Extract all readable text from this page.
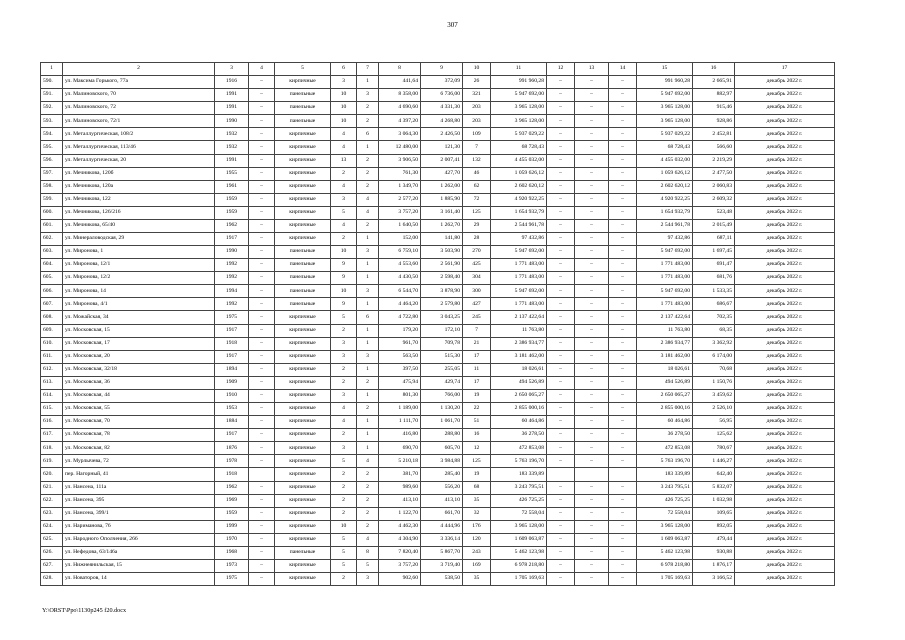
307
1	2	3	4	5	6	7	8	9	10	11	12	13	14	15	16	17
590.	ул. Максима Горького, 77а	1916	–	кирпичные	3	1	441,64	372,09	26	991 960,28	–	–	–	991 960,28	2 665,91	декабрь 2022 г.
591.	ул. Малиновского, 70	1991	–	панельные	10	3	8 358,00	6 736,00	321	5 947 692,00	–	–	–	5 947 692,00	882,97	декабрь 2022 г.
592.	ул. Малиновского, 72	1991	–	панельные	10	2	4 690,60	4 331,30	203	3 965 128,00	–	–	–	3 965 128,00	915,46	декабрь 2022 г.
593.	ул. Малиновского, 72/1	1990	–	панельные	10	2	4 397,20	4 268,80	203	3 965 128,00	–	–	–	3 965 128,00	928,86	декабрь 2022 г.
594.	ул. Металлургическая, 108/2	1932	–	кирпичные	4	6	3 064,30	2 426,50	109	5 937 029,22	–	–	–	5 937 029,22	2 452,81	декабрь 2022 г.
595.	ул. Металлургическая, 113/46	1932	–	кирпичные	4	1	12 480,00	121,30	7	68 728,43	–	–	–	68 728,43	566,60	декабрь 2022 г.
596.	ул. Металлургическая, 20	1991	–	кирпичные	13	2	3 906,50	2 007,41	132	4 455 032,00	–	–	–	4 455 032,00	2 219,29	декабрь 2022 г.
597.	ул. Мечникова, 120б	1955	–	кирпичные	2	2	761,30	427,70	46	1 059 626,12	–	–	–	1 059 626,12	2 477,50	декабрь 2022 г.
598.	ул. Мечникова, 120а	1961	–	кирпичные	4	2	1 349,70	1 262,00	62	2 602 620,12	–	–	–	2 602 620,12	2 060,83	декабрь 2022 г.
599.	ул. Мечникова, 122	1959	–	кирпичные	3	4	2 577,20	1 885,90	72	4 920 922,25	–	–	–	4 920 922,25	2 609,32	декабрь 2022 г.
600.	ул. Мечникова, 126/216	1959	–	кирпичные	5	4	3 757,20	3 161,40	125	1 654 932,79	–	–	–	1 654 932,79	523,48	декабрь 2022 г.
601.	ул. Мечникова, 65/40	1962	–	кирпичные	4	2	1 640,50	1 262,70	29	2 544 961,78	–	–	–	2 544 961,78	2 015,49	декабрь 2022 г.
602.	ул. Минераловодская, 29	1917	–	кирпичные	2	1	152,00	141,80	28	97 432,86	–	–	–	97 432,86	687,11	декабрь 2022 г.
603.	ул. Миронова, 1	1990	–	панельные	10	3	6 759,10	3 503,90	270	5 947 692,00	–	–	–	5 947 692,00	1 697,45	декабрь 2022 г.
604.	ул. Миронова, 12/1	1992	–	панельные	9	1	4 553,60	2 561,90	425	1 771 483,00	–	–	–	1 771 483,00	691,47	декабрь 2022 г.
605.	ул. Миронова, 12/2	1992	–	панельные	9	1	4 430,50	2 598,40	304	1 771 483,00	–	–	–	1 771 483,00	681,76	декабрь 2022 г.
606.	ул. Миронова, 14	1994	–	панельные	10	3	6 544,70	3 878,90	300	5 947 692,00	–	–	–	5 947 692,00	1 533,35	декабрь 2022 г.
607.	ул. Миронова, 4/1	1992	–	панельные	9	1	4 464,20	2 579,80	427	1 771 483,00	–	–	–	1 771 483,00	686,67	декабрь 2022 г.
608.	ул. Можайская, 34	1975	–	кирпичные	5	6	4 722,80	3 043,25	245	2 137 422,64	–	–	–	2 137 422,64	702,35	декабрь 2022 г.
609.	ул. Московская, 15	1917	–	кирпичные	2	1	179,20	172,10	7	11 763,80	–	–	–	11 763,80	68,35	декабрь 2022 г.
610.	ул. Московская, 17	1918	–	кирпичные	3	1	961,70	709,78	21	2 386 934,77	–	–	–	2 386 934,77	3 362,92	декабрь 2022 г.
611.	ул. Московская, 20	1917	–	кирпичные	3	3	563,50	515,30	17	3 181 462,00	–	–	–	3 181 462,00	6 174,00	декабрь 2022 г.
612.	ул. Московская, 32/18	1894	–	кирпичные	2	1	397,50	255,05	11	18 026,61	–	–	–	18 026,61	70,68	декабрь 2022 г.
613.	ул. Московская, 36	1909	–	кирпичные	2	2	475,94	429,74	17	494 526,89	–	–	–	494 526,89	1 150,76	декабрь 2022 г.
614.	ул. Московская, 44	1910	–	кирпичные	3	1	801,30	766,00	19	2 650 065,27	–	–	–	2 650 065,27	3 459,62	декабрь 2022 г.
615.	ул. Московская, 55	1953	–	кирпичные	4	2	1 189,00	1 130,20	22	2 855 000,16	–	–	–	2 855 000,16	2 526,10	декабрь 2022 г.
616.	ул. Московская, 70	1884	–	кирпичные	4	1	1 111,70	1 061,70	51	60 464,86	–	–	–	60 464,86	56,95	декабрь 2022 г.
617.	ул. Московская, 78	1917	–	кирпичные	2	1	416,80	288,80	16	36 278,50	–	–	–	36 278,50	125,62	декабрь 2022 г.
618.	ул. Московская, 82	1876	–	кирпичные	3	1	690,70	605,70	12	472 853,08	–	–	–	472 853,08	780,67	декабрь 2022 г.
619.	ул. Мурлычева, 72	1978	–	кирпичные	5	4	5 210,18	3 984,88	125	5 763 196,70	–	–	–	5 763 196,70	1 446,27	декабрь 2022 г.
620.	пер. Нагорный, 41	1918		кирпичные	2	2	381,70	285,40	19	183 339,89				183 339,89	642,40	декабрь 2022 г.
621.	ул. Нансена, 111а	1962	–	кирпичные	2	2	989,60	556,20	68	3 243 795,51	–	–	–	3 243 795,51	5 832,07	декабрь 2022 г.
622.	ул. Нансена, 395	1969	–	кирпичные	2	2	413,10	413,10	35	426 725,25	–	–	–	426 725,25	1 032,98	декабрь 2022 г.
623.	ул. Нансена, 399/1	1959	–	кирпичные	2	2	1 122,70	661,70	32	72 558,04	–	–	–	72 558,04	109,65	декабрь 2022 г.
624.	ул. Нариманова, 76	1999	–	кирпичные	10	2	4 462,30	4 444,96	176	3 965 128,00	–	–	–	3 965 128,00	892,05	декабрь 2022 г.
625.	ул. Народного Ополчения, 266	1970	–	кирпичные	5	4	4 304,90	3 336,14	120	1 609 063,87	–	–	–	1 609 063,87	479,44	декабрь 2022 г.
626.	ул. Нефедова, 63/146а	1968	–	панельные	5	8	7 820,40	5 867,70	243	5 462 123,98	–	–	–	5 462 123,98	930,88	декабрь 2022 г.
627.	ул. Нижнеянильская, 15	1973	–	кирпичные	5	5	3 757,20	3 719,40	169	6 978 218,80	–	–	–	6 978 218,80	1 876,17	декабрь 2022 г.
628.	ул. Новаторов, 14	1975	–	кирпичные	2	3	902,60	538,50	35	1 705 169,63	–	–	–	1 705 169,63	3 166,52	декабрь 2022 г.
Y:\ORST\Ppo\1130p245 f20.docx
